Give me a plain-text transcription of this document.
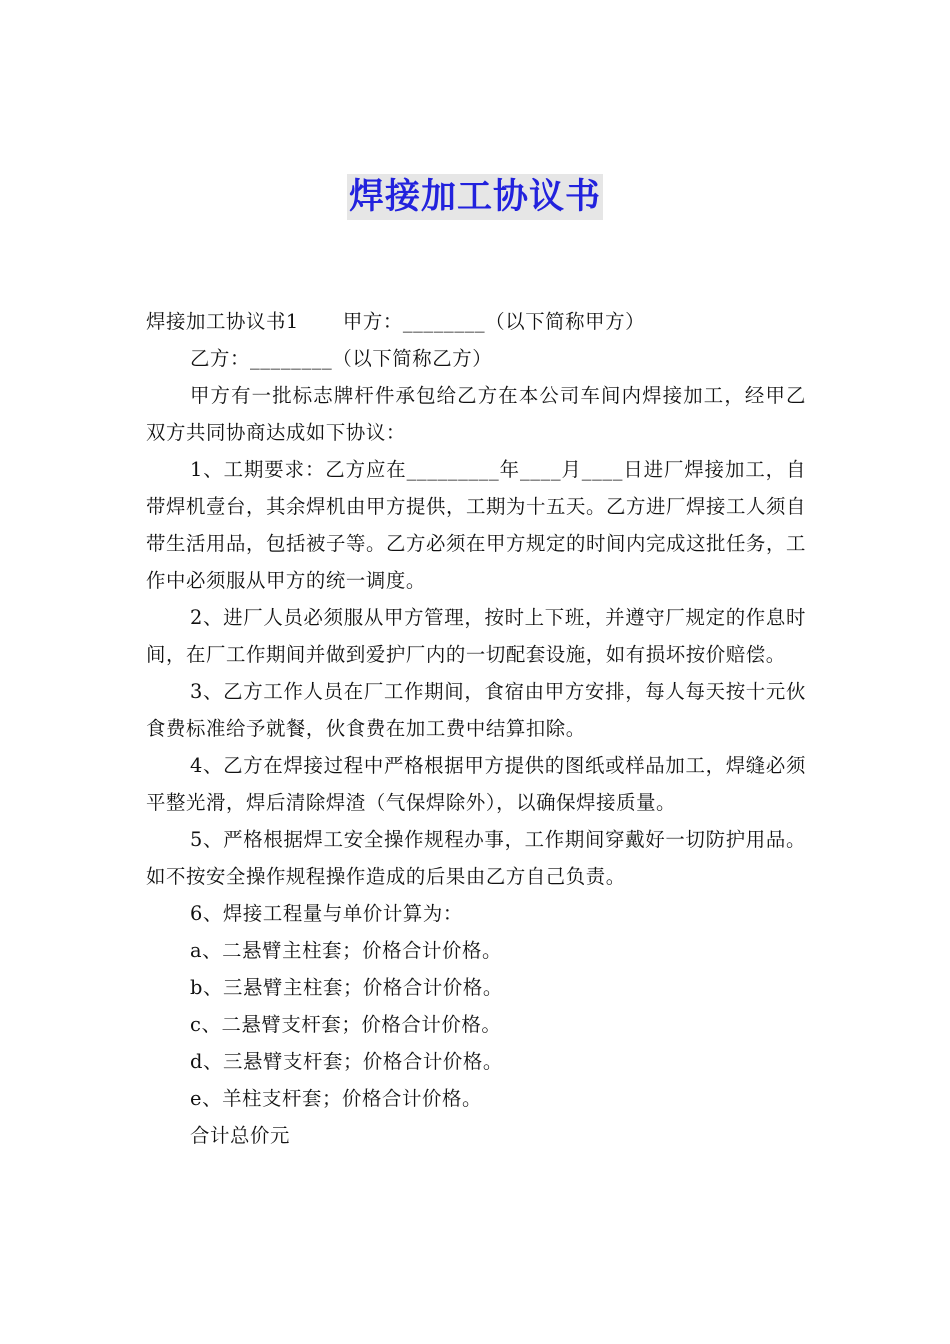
焊接加工协议书

焊接加工协议书1 甲方：________（以下简称甲方）

乙方：________（以下简称乙方）

甲方有一批标志牌杆件承包给乙方在本公司车间内焊接加工，经甲乙双方共同协商达成如下协议：

1、工期要求：乙方应在_________年____月____日进厂焊接加工，自带焊机壹台，其余焊机由甲方提供，工期为十五天。乙方进厂焊接工人须自带生活用品，包括被子等。乙方必须在甲方规定的时间内完成这批任务，工作中必须服从甲方的统一调度。

2、进厂人员必须服从甲方管理，按时上下班，并遵守厂规定的作息时间，在厂工作期间并做到爱护厂内的一切配套设施，如有损坏按价赔偿。

3、乙方工作人员在厂工作期间，食宿由甲方安排，每人每天按十元伙食费标准给予就餐，伙食费在加工费中结算扣除。

4、乙方在焊接过程中严格根据甲方提供的图纸或样品加工，焊缝必须平整光滑，焊后清除焊渣（气保焊除外），以确保焊接质量。

5、严格根据焊工安全操作规程办事，工作期间穿戴好一切防护用品。如不按安全操作规程操作造成的后果由乙方自己负责。

6、焊接工程量与单价计算为：

a、二悬臂主柱套；价格合计价格。

b、三悬臂主柱套；价格合计价格。

c、二悬臂支杆套；价格合计价格。

d、三悬臂支杆套；价格合计价格。

e、羊柱支杆套；价格合计价格。

合计总价元
